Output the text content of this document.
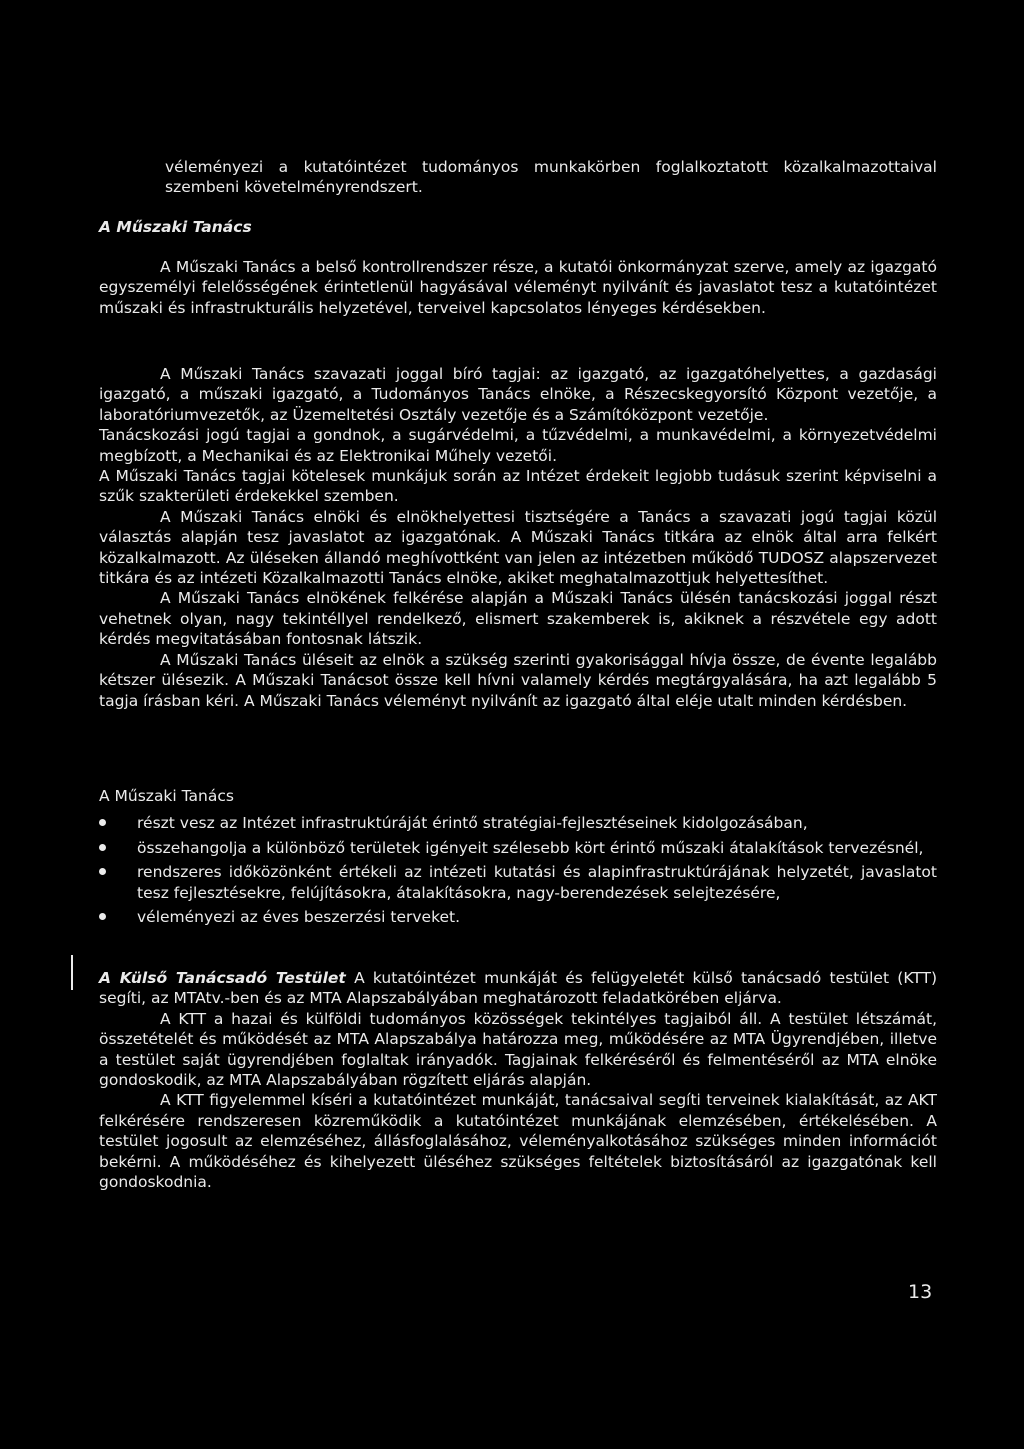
véleményezi a kutatóintézet tudományos munkakörben foglalkoztatott közalkalmazottaival szembeni követelményrendszert.

A Műszaki Tanács

A Műszaki Tanács a belső kontrollrendszer része, a kutatói önkormányzat szerve, amely az igazgató egyszemélyi felelősségének érintetlenül hagyásával véleményt nyilvánít és javaslatot tesz a kutatóintézet műszaki és infrastrukturális helyzetével, terveivel kapcsolatos lényeges kérdésekben.

A Műszaki Tanács szavazati joggal bíró tagjai: az igazgató, az igazgatóhelyettes, a gazdasági igazgató, a műszaki igazgató, a Tudományos Tanács elnöke, a Részecskegyorsító Központ vezetője, a laboratóriumvezetők, az Üzemeltetési Osztály vezetője és a Számítóközpont vezetője.

Tanácskozási jogú tagjai a gondnok, a sugárvédelmi, a tűzvédelmi, a munkavédelmi, a környezetvédelmi megbízott, a Mechanikai és az Elektronikai Műhely vezetői.

A Műszaki Tanács tagjai kötelesek munkájuk során az Intézet érdekeit legjobb tudásuk szerint képviselni a szűk szakterületi érdekekkel szemben.

A Műszaki Tanács elnöki és elnökhelyettesi tisztségére a Tanács a szavazati jogú tagjai közül választás alapján tesz javaslatot az igazgatónak. A Műszaki Tanács titkára az elnök által arra felkért közalkalmazott. Az üléseken állandó meghívottként van jelen az intézetben működő TUDOSZ alapszervezet titkára és az intézeti Közalkalmazotti Tanács elnöke, akiket meghatalmazottjuk helyettesíthet.

A Műszaki Tanács elnökének felkérése alapján a Műszaki Tanács ülésén tanácskozási joggal részt vehetnek olyan, nagy tekintéllyel rendelkező, elismert szakemberek is, akiknek a részvétele egy adott kérdés megvitatásában fontosnak látszik.

A Műszaki Tanács üléseit az elnök a szükség szerinti gyakorisággal hívja össze, de évente legalább kétszer ülésezik. A Műszaki Tanácsot össze kell hívni valamely kérdés megtárgyalására, ha azt legalább 5 tagja írásban kéri. A Műszaki Tanács véleményt nyilvánít az igazgató által eléje utalt minden kérdésben.

A Műszaki Tanács

részt vesz az Intézet infrastruktúráját érintő stratégiai-fejlesztéseinek kidolgozásában,
összehangolja a különböző területek igényeit szélesebb kört érintő műszaki átalakítások tervezésnél,
rendszeres időközönként értékeli az intézeti kutatási és alapinfrastruktúrájának helyzetét, javaslatot tesz fejlesztésekre, felújításokra, átalakításokra, nagy-berendezések selejtezésére,
véleményezi az éves beszerzési terveket.

A Külső Tanácsadó Testület A kutatóintézet munkáját és felügyeletét külső tanácsadó testület (KTT) segíti, az MTAtv.-ben és az MTA Alapszabályában meghatározott feladatkörében eljárva.

A KTT a hazai és külföldi tudományos közösségek tekintélyes tagjaiból áll. A testület létszámát, összetételét és működését az MTA Alapszabálya határozza meg, működésére az MTA Ügyrendjében, illetve a testület saját ügyrendjében foglaltak irányadók. Tagjainak felkéréséről és felmentéséről az MTA elnöke gondoskodik, az MTA Alapszabályában rögzített eljárás alapján.

A KTT figyelemmel kíséri a kutatóintézet munkáját, tanácsaival segíti terveinek kialakítását, az AKT felkérésére rendszeresen közreműködik a kutatóintézet munkájának elemzésében, értékelésében. A testület jogosult az elemzéséhez, állásfoglalásához, véleményalkotásához szükséges minden információt bekérni. A működéséhez és kihelyezett üléséhez szükséges feltételek biztosításáról az igazgatónak kell gondoskodnia.

13
